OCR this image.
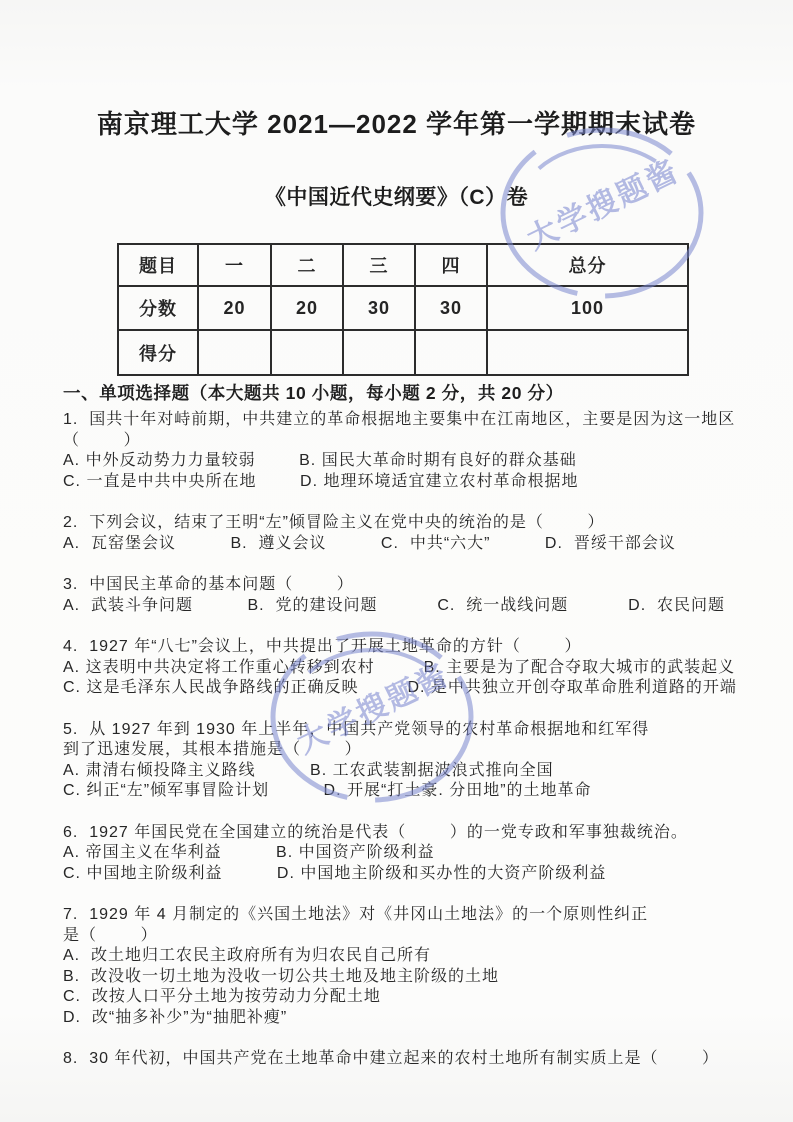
大学搜题酱
大学搜题酱
南京理工大学 2021—2022 学年第一学期期末试卷
《中国近代史纲要》（C）卷
题目	一	二	三	四	总分
分数	20	20	30	30	100
得分					
一、单项选择题（本大题共 10 小题，每小题 2 分，共 20 分）
1.  国共十年对峙前期，中共建立的革命根据地主要集中在江南地区，主要是因为这一地区
（        ）
A. 中外反动势力力量较弱        B. 国民大革命时期有良好的群众基础
C. 一直是中共中央所在地        D. 地理环境适宜建立农村革命根据地
2.  下列会议，结束了王明“左”倾冒险主义在党中央的统治的是（        ）
A.  瓦窑堡会议          B.  遵义会议          C.  中共“六大”          D.  晋绥干部会议
3.  中国民主革命的基本问题（        ）
A.  武装斗争问题          B.  党的建设问题           C.  统一战线问题           D.  农民问题
4.  1927 年“八七”会议上，中共提出了开展土地革命的方针（        ）
A. 这表明中共决定将工作重心转移到农村         B. 主要是为了配合夺取大城市的武装起义
C. 这是毛泽东人民战争路线的正确反映         D. 是中共独立开创夺取革命胜利道路的开端
5.  从 1927 年到 1930 年上半年，中国共产党领导的农村革命根据地和红军得
到了迅速发展，其根本措施是（        ）
A. 肃清右倾投降主义路线          B. 工农武装割据波浪式推向全国
C. 纠正“左”倾军事冒险计划          D. 开展“打土豪. 分田地”的土地革命
6.  1927 年国民党在全国建立的统治是代表（        ）的一党专政和军事独裁统治。
A. 帝国主义在华利益          B. 中国资产阶级利益
C. 中国地主阶级利益          D. 中国地主阶级和买办性的大资产阶级利益
7.  1929 年 4 月制定的《兴国土地法》对《井冈山土地法》的一个原则性纠正
是（        ）
A.  改土地归工农民主政府所有为归农民自己所有
B.  改没收一切土地为没收一切公共土地及地主阶级的土地
C.  改按人口平分土地为按劳动力分配土地
D.  改“抽多补少”为“抽肥补瘦”
8.  30 年代初，中国共产党在土地革命中建立起来的农村土地所有制实质上是（        ）
